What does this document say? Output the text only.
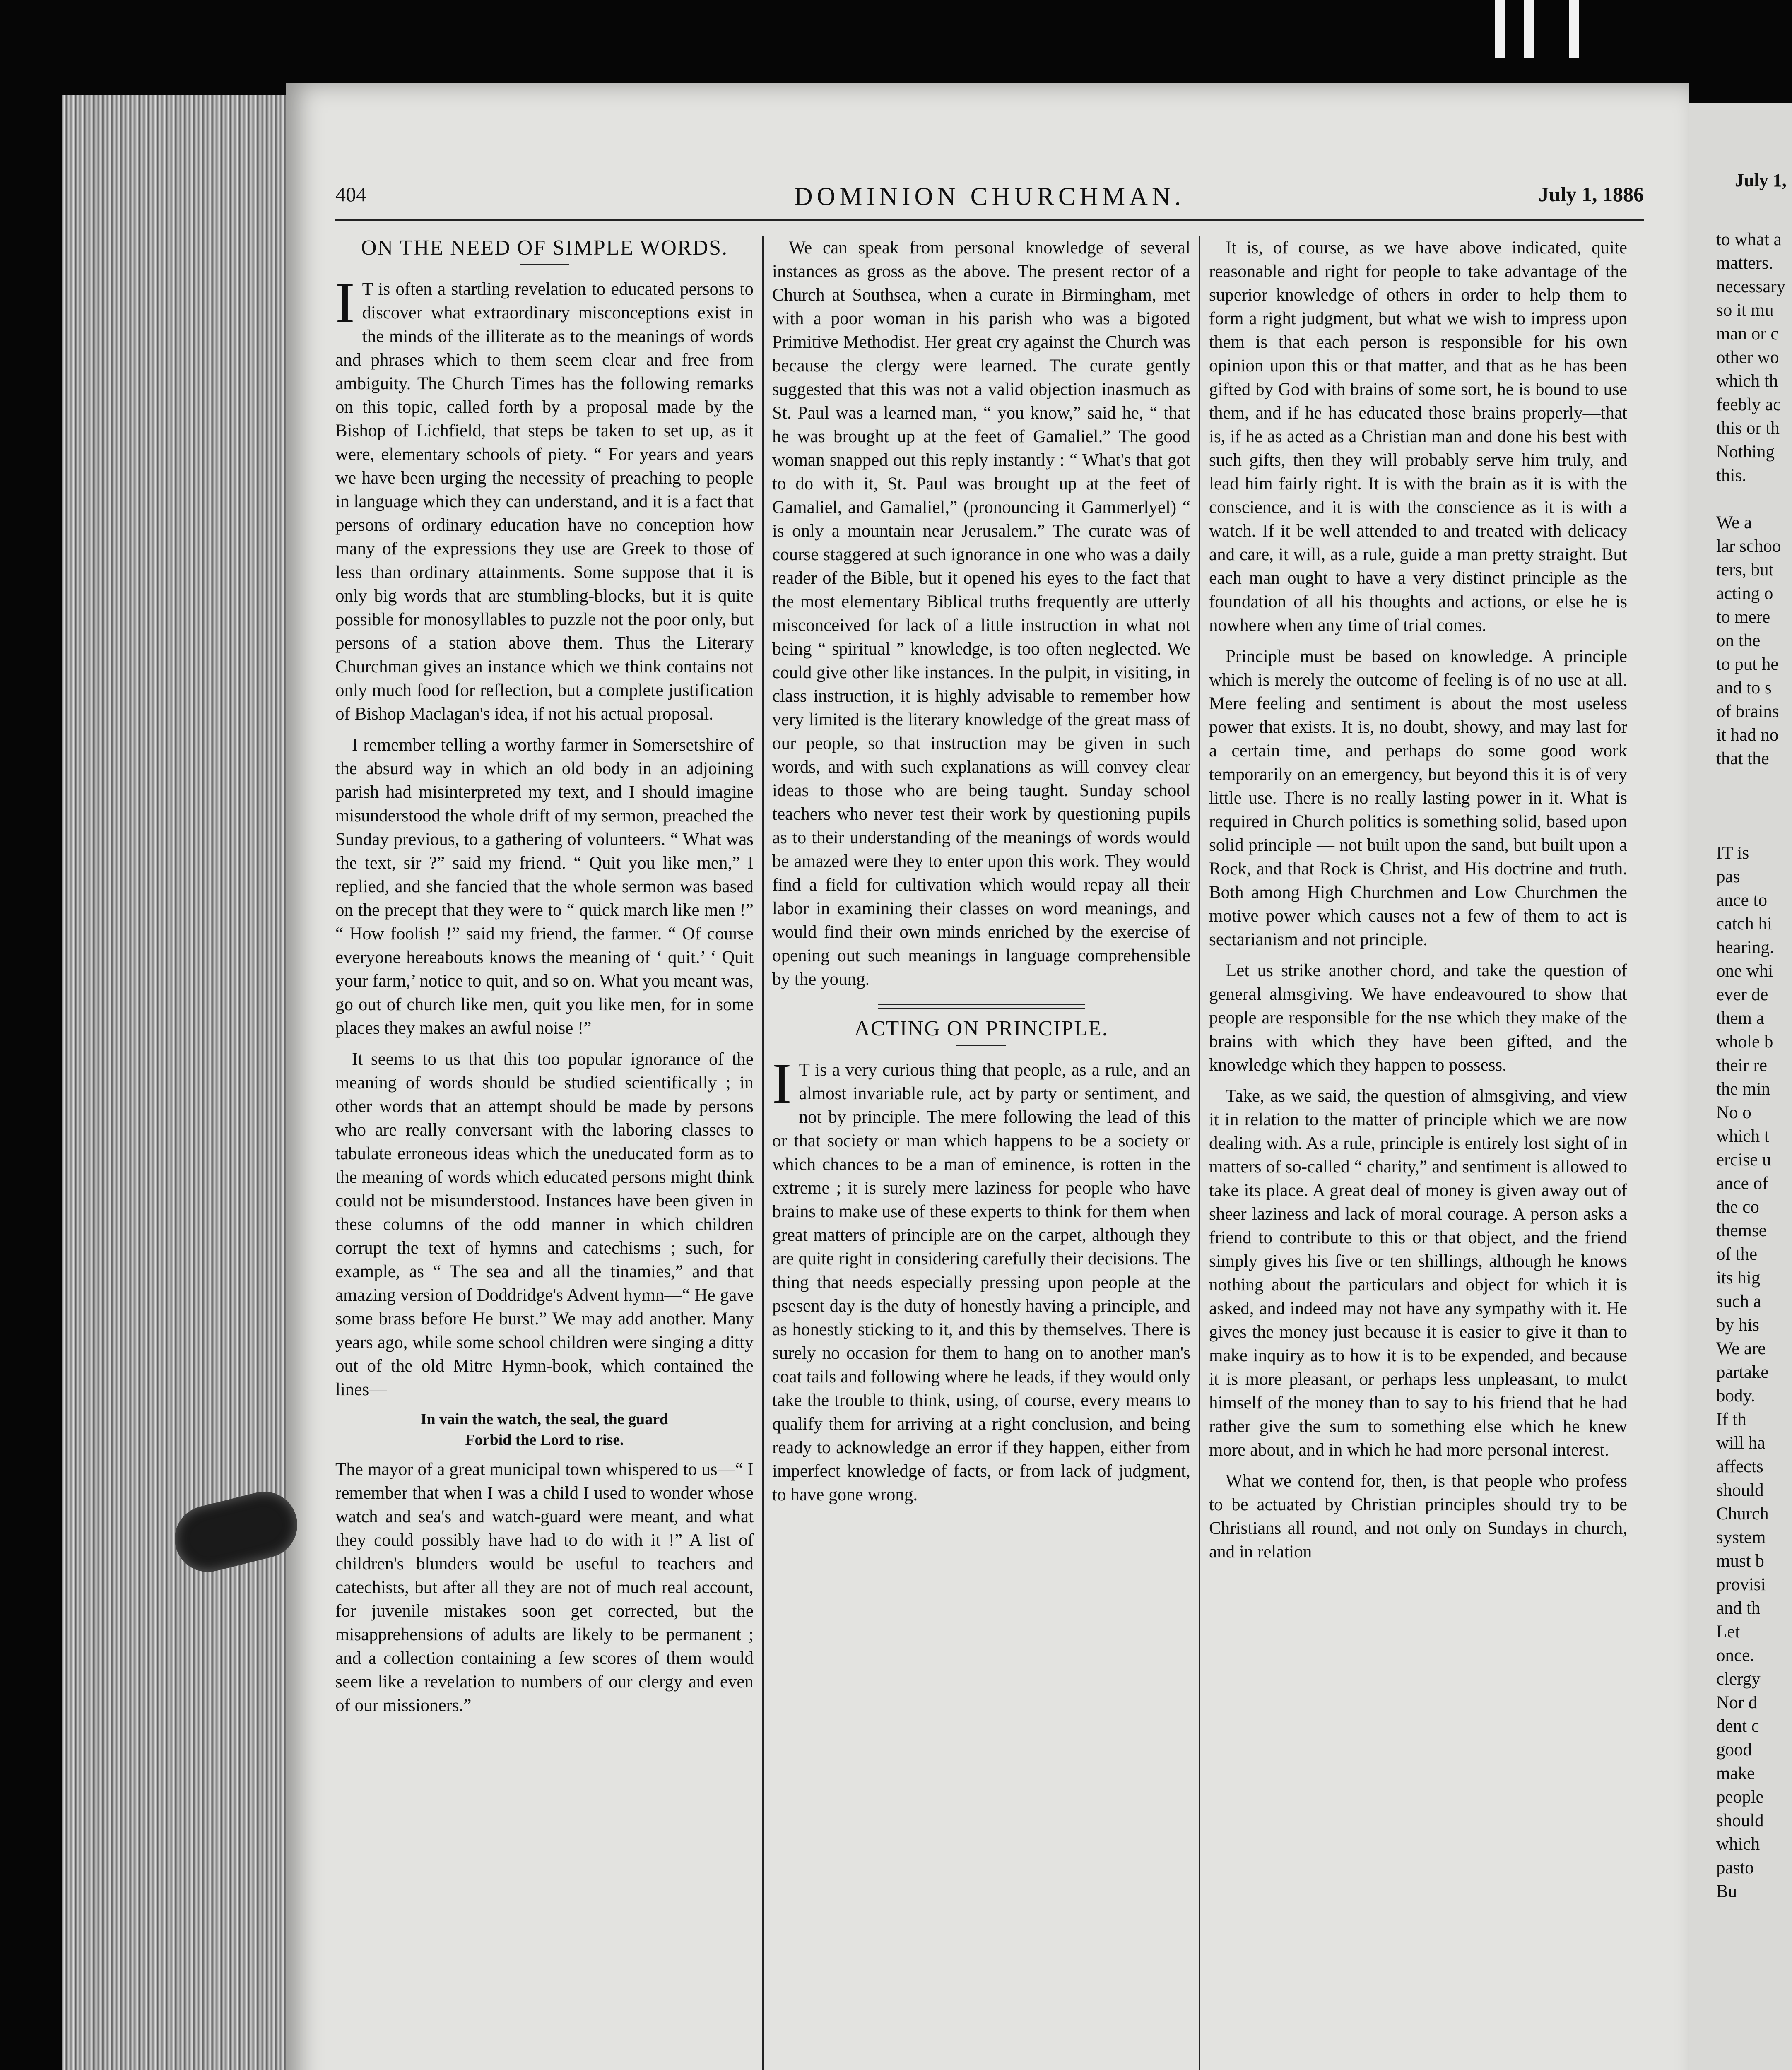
404	DOMINION CHURCHMAN.	July 1, 1886
ON THE NEED OF SIMPLE WORDS.

I T is often a startling revelation to educated persons to discover what extraordinary misconceptions exist in the minds of the illiterate as to the meanings of words and phrases which to them seem clear and free from ambiguity. The Church Times has the following remarks on this topic, called forth by a proposal made by the Bishop of Lichfield, that steps be taken to set up, as it were, elementary schools of piety. “ For years and years we have been urging the necessity of preaching to people in language which they can understand, and it is a fact that persons of ordinary education have no conception how many of the expressions they use are Greek to those of less than ordinary attainments. Some suppose that it is only big words that are stumbling-blocks, but it is quite possible for monosyllables to puzzle not the poor only, but persons of a station above them. Thus the Literary Churchman gives an instance which we think contains not only much food for reflection, but a complete justification of Bishop Maclagan's idea, if not his actual proposal.

I remember telling a worthy farmer in Somersetshire of the absurd way in which an old body in an adjoining parish had misinterpreted my text, and I should imagine misunderstood the whole drift of my sermon, preached the Sunday previous, to a gathering of volunteers. “ What was the text, sir ?” said my friend. “ Quit you like men,” I replied, and she fancied that the whole sermon was based on the precept that they were to “ quick march like men !” “ How foolish !” said my friend, the farmer. “ Of course everyone hereabouts knows the meaning of ‘ quit.’ ‘ Quit your farm,’ notice to quit, and so on. What you meant was, go out of church like men, quit you like men, for in some places they makes an awful noise !”

It seems to us that this too popular ignorance of the meaning of words should be studied scientifically ; in other words that an attempt should be made by persons who are really conversant with the laboring classes to tabulate erroneous ideas which the uneducated form as to the meaning of words which educated persons might think could not be misunderstood. Instances have been given in these columns of the odd manner in which children corrupt the text of hymns and catechisms ; such, for example, as “ The sea and all the tinamies,” and that amazing version of Doddridge's Advent hymn—“ He gave some brass before He burst.” We may add another. Many years ago, while some school children were singing a ditty out of the old Mitre Hymn-book, which contained the lines—

In vain the watch, the seal, the guard
Forbid the Lord to rise.

The mayor of a great municipal town whispered to us—“ I remember that when I was a child I used to wonder whose watch and sea's and watch-guard were meant, and what they could possibly have had to do with it !” A list of children's blunders would be useful to teachers and catechists, but after all they are not of much real account, for juvenile mistakes soon get corrected, but the misapprehensions of adults are likely to be permanent ; and a collection containing a few scores of them would seem like a revelation to numbers of our clergy and even of our missioners.”

We can speak from personal knowledge of several instances as gross as the above. The present rector of a Church at Southsea, when a curate in Birmingham, met with a poor woman in his parish who was a bigoted Primitive Methodist. Her great cry against the Church was because the clergy were learned. The curate gently suggested that this was not a valid objection inasmuch as St. Paul was a learned man, “ you know,” said he, “ that he was brought up at the feet of Gamaliel.” The good woman snapped out this reply instantly : “ What's that got to do with it, St. Paul was brought up at the feet of Gamaliel, and Gamaliel,” (pronouncing it Gammerlyel) “ is only a mountain near Jerusalem.” The curate was of course staggered at such ignorance in one who was a daily reader of the Bible, but it opened his eyes to the fact that the most elementary Biblical truths frequently are utterly misconceived for lack of a little instruction in what not being “ spiritual ” knowledge, is too often neglected. We could give other like instances. In the pulpit, in visiting, in class instruction, it is highly advisable to remember how very limited is the literary knowledge of the great mass of our people, so that instruction may be given in such words, and with such explanations as will convey clear ideas to those who are being taught. Sunday school teachers who never test their work by questioning pupils as to their understanding of the meanings of words would be amazed were they to enter upon this work. They would find a field for cultivation which would repay all their labor in examining their classes on word meanings, and would find their own minds enriched by the exercise of opening out such meanings in language comprehensible by the young.

ACTING ON PRINCIPLE.

I T is a very curious thing that people, as a rule, and an almost invariable rule, act by party or sentiment, and not by principle. The mere following the lead of this or that society or man which happens to be a society or which chances to be a man of eminence, is rotten in the extreme ; it is surely mere laziness for people who have brains to make use of these experts to think for them when great matters of principle are on the carpet, although they are quite right in considering carefully their decisions. The thing that needs especially pressing upon people at the psesent day is the duty of honestly having a principle, and as honestly sticking to it, and this by themselves. There is surely no occasion for them to hang on to another man's coat tails and following where he leads, if they would only take the trouble to think, using, of course, every means to qualify them for arriving at a right conclusion, and being ready to acknowledge an error if they happen, either from imperfect knowledge of facts, or from lack of judgment, to have gone wrong.

It is, of course, as we have above indicated, quite reasonable and right for people to take advantage of the superior knowledge of others in order to help them to form a right judgment, but what we wish to impress upon them is that each person is responsible for his own opinion upon this or that matter, and that as he has been gifted by God with brains of some sort, he is bound to use them, and if he has educated those brains properly—that is, if he as acted as a Christian man and done his best with such gifts, then they will probably serve him truly, and lead him fairly right. It is with the brain as it is with the conscience, and it is with the conscience as it is with a watch. If it be well attended to and treated with delicacy and care, it will, as a rule, guide a man pretty straight. But each man ought to have a very distinct principle as the foundation of all his thoughts and actions, or else he is nowhere when any time of trial comes.

Principle must be based on knowledge. A principle which is merely the outcome of feeling is of no use at all. Mere feeling and sentiment is about the most useless power that exists. It is, no doubt, showy, and may last for a certain time, and perhaps do some good work temporarily on an emergency, but beyond this it is of very little use. There is no really lasting power in it. What is required in Church politics is something solid, based upon solid principle — not built upon the sand, but built upon a Rock, and that Rock is Christ, and His doctrine and truth. Both among High Churchmen and Low Churchmen the motive power which causes not a few of them to act is sectarianism and not principle.

Let us strike another chord, and take the question of general almsgiving. We have endeavoured to show that people are responsible for the nse which they make of the brains with which they have been gifted, and the knowledge which they happen to possess.

Take, as we said, the question of almsgiving, and view it in relation to the matter of principle which we are now dealing with. As a rule, principle is entirely lost sight of in matters of so-called “ charity,” and sentiment is allowed to take its place. A great deal of money is given away out of sheer laziness and lack of moral courage. A person asks a friend to contribute to this or that object, and the friend simply gives his five or ten shillings, although he knows nothing about the particulars and object for which it is asked, and indeed may not have any sympathy with it. He gives the money just because it is easier to give it than to make inquiry as to how it is to be expended, and because it is more pleasant, or perhaps less unpleasant, to mulct himself of the money than to say to his friend that he had rather give the sum to something else which he knew more about, and in which he had more personal interest.

What we contend for, then, is that people who profess to be actuated by Christian principles should try to be Christians all round, and not only on Sundays in church, and in relation

July 1,
to what a
matters.
necessary
so it mu
man or c
other wo
which th
feebly ac
this or th
Nothing
this.
We a
lar schoo
ters, but
acting o
to mere
on the
to put he
and to s
of brains
it had no
that the
IT is
pas
ance to
catch hi
hearing.
one whi
ever de
them a
whole b
their re
the min
No o
which t
ercise u
ance of
the co
themse
of the
its hig
such a
by his
We are
partake
body.
If th
will ha
affects
should
Church
system
must b
provisi
and th
Let
once.
clergy
Nor d
dent c
good
make
people
should
which
pasto
Bu
